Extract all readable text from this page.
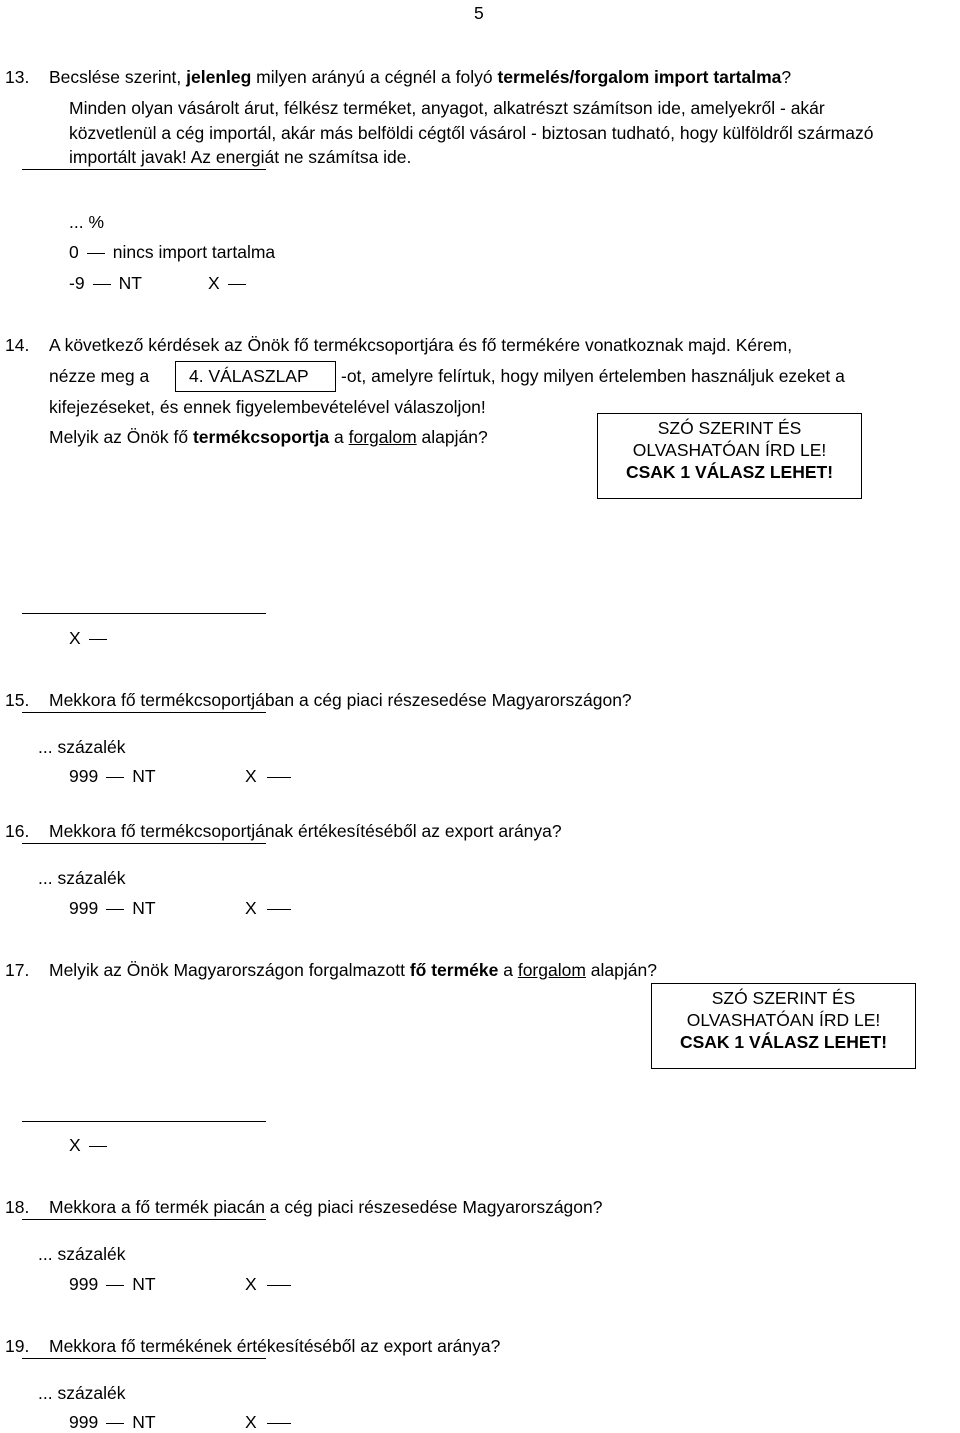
5
13. Becslése szerint, jelenleg milyen arányú a cégnél a folyó termelés/forgalom import tartalma?
Minden olyan vásárolt árut, félkész terméket, anyagot, alkatrészt számítson ide, amelyekről - akár
közvetlenül a cég importál, akár más belföldi cégtől vásárol - biztosan tudható, hogy külföldről származó
importált javak! Az energiát ne számítsa ide.
... %
0 nincs import tartalma
-9 NT	X
14. A következő kérdések az Önök fő termékcsoportjára és fő termékére vonatkoznak majd. Kérem,
nézze meg a 4. VÁLASZLAP -ot, amelyre felírtuk, hogy milyen értelemben használjuk ezeket a
kifejezéseket, és ennek figyelembevételével válaszoljon!
Melyik az Önök fő termékcsoportja a forgalom alapján?	SZÓ SZERINT ÉS
OLVASHATÓAN ÍRD LE!
CSAK 1 VÁLASZ LEHET!
X
15. Mekkora fő termékcsoportjában a cég piaci részesedése Magyarországon?
... százalék
999 NT	X
16. Mekkora fő termékcsoportjának értékesítéséből az export aránya?
... százalék
999 NT	X
17. Melyik az Önök Magyarországon forgalmazott fő terméke a forgalom alapján?
SZÓ SZERINT ÉS
OLVASHATÓAN ÍRD LE!
CSAK 1 VÁLASZ LEHET!
X
18. Mekkora a fő termék piacán a cég piaci részesedése Magyarországon?
... százalék
999 NT	X
19. Mekkora fő termékének értékesítéséből az export aránya?
... százalék
999 NT	X
